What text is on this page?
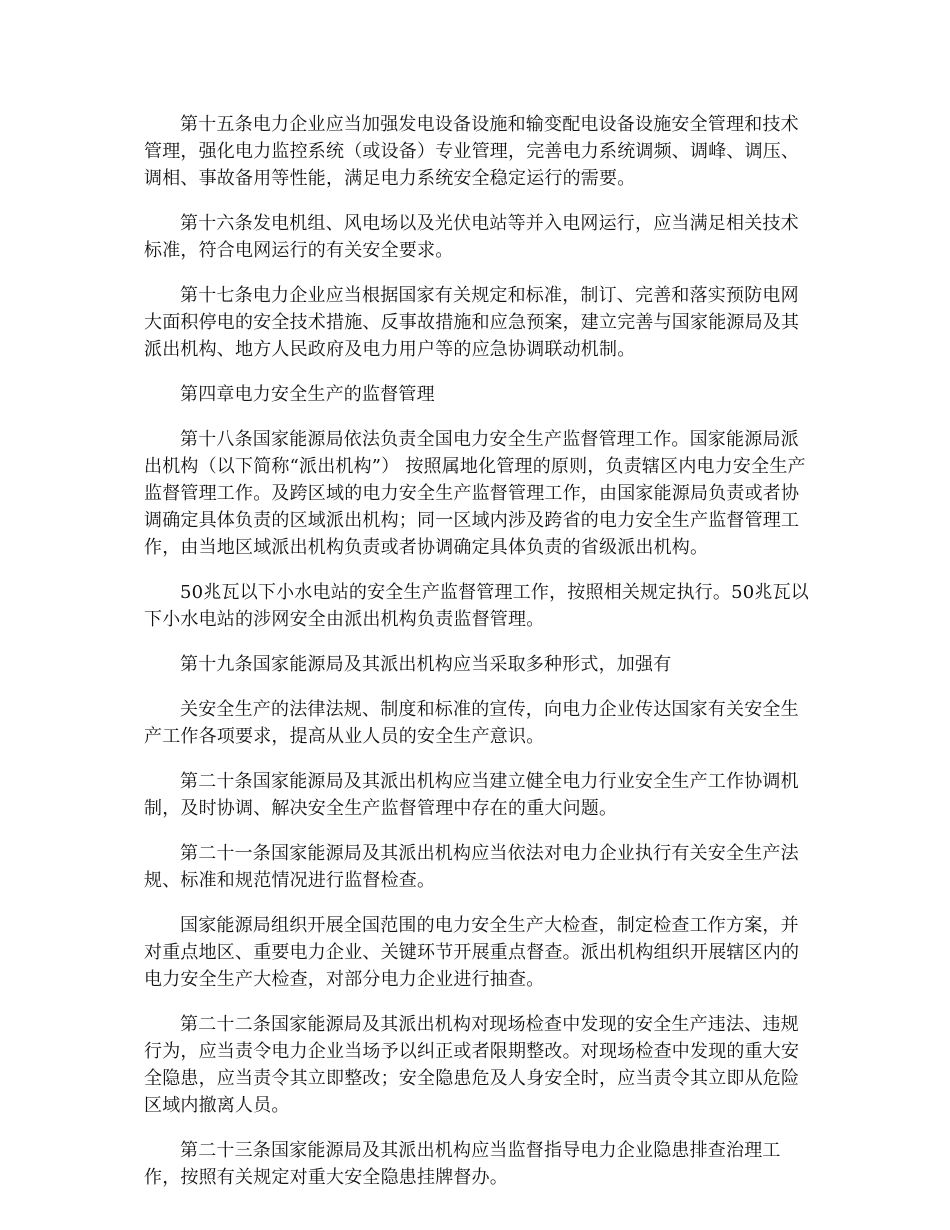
第十五条电力企业应当加强发电设备设施和输变配电设备设施安全管理和技术管理，强化电力监控系统（或设备）专业管理，完善电力系统调频、调峰、调压、调相、事故备用等性能，满足电力系统安全稳定运行的需要。

第十六条发电机组、风电场以及光伏电站等并入电网运行，应当满足相关技术标准，符合电网运行的有关安全要求。

第十七条电力企业应当根据国家有关规定和标准，制订、完善和落实预防电网大面积停电的安全技术措施、反事故措施和应急预案，建立完善与国家能源局及其派出机构、地方人民政府及电力用户等的应急协调联动机制。

第四章电力安全生产的监督管理

第十八条国家能源局依法负责全国电力安全生产监督管理工作。国家能源局派出机构（以下简称“派出机构”） 按照属地化管理的原则，负责辖区内电力安全生产监督管理工作。及跨区域的电力安全生产监督管理工作，由国家能源局负责或者协调确定具体负责的区域派出机构；同一区域内涉及跨省的电力安全生产监督管理工作，由当地区域派出机构负责或者协调确定具体负责的省级派出机构。

50兆瓦以下小水电站的安全生产监督管理工作，按照相关规定执行。50兆瓦以下小水电站的涉网安全由派出机构负责监督管理。

第十九条国家能源局及其派出机构应当采取多种形式，加强有

关安全生产的法律法规、制度和标准的宣传，向电力企业传达国家有关安全生产工作各项要求，提高从业人员的安全生产意识。

第二十条国家能源局及其派出机构应当建立健全电力行业安全生产工作协调机制，及时协调、解决安全生产监督管理中存在的重大问题。

第二十一条国家能源局及其派出机构应当依法对电力企业执行有关安全生产法规、标准和规范情况进行监督检查。

国家能源局组织开展全国范围的电力安全生产大检查，制定检查工作方案，并对重点地区、重要电力企业、关键环节开展重点督查。派出机构组织开展辖区内的电力安全生产大检查，对部分电力企业进行抽查。

第二十二条国家能源局及其派出机构对现场检查中发现的安全生产违法、违规行为，应当责令电力企业当场予以纠正或者限期整改。对现场检查中发现的重大安全隐患，应当责令其立即整改；安全隐患危及人身安全时，应当责令其立即从危险区域内撤离人员。

第二十三条国家能源局及其派出机构应当监督指导电力企业隐患排查治理工作，按照有关规定对重大安全隐患挂牌督办。
